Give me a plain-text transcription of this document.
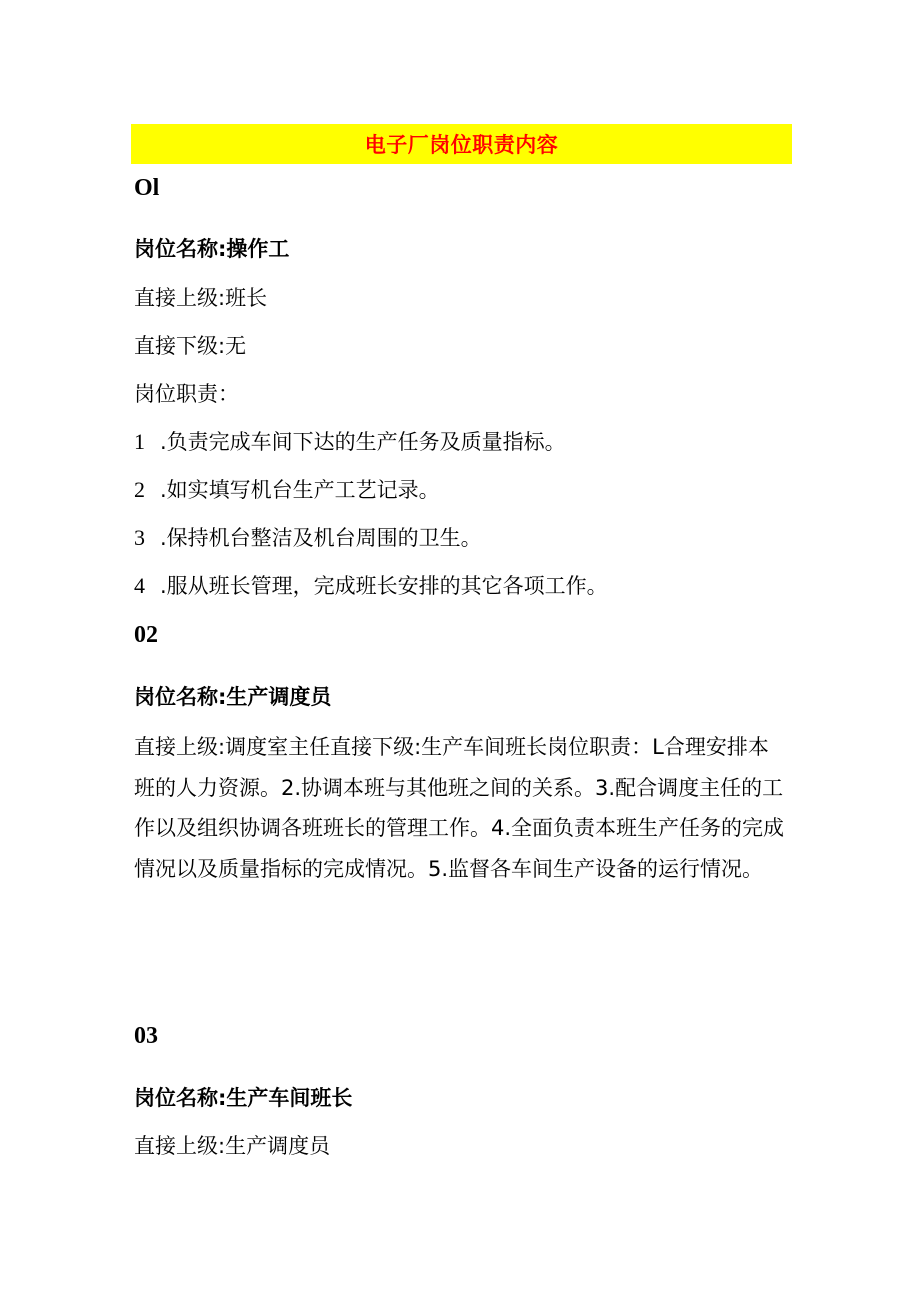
电子厂岗位职责内容
Ol
岗位名称:操作工
直接上级:班长
直接下级:无
岗位职责：
1 .负责完成车间下达的生产任务及质量指标。
2 .如实填写机台生产工艺记录。
3 .保持机台整洁及机台周围的卫生。
4 .服从班长管理，完成班长安排的其它各项工作。
02
岗位名称:生产调度员
直接上级:调度室主任直接下级:生产车间班长岗位职责：L合理安排本班的人力资源。2.协调本班与其他班之间的关系。3.配合调度主任的工作以及组织协调各班班长的管理工作。4.全面负责本班生产任务的完成情况以及质量指标的完成情况。5.监督各车间生产设备的运行情况。
03
岗位名称:生产车间班长
直接上级:生产调度员
